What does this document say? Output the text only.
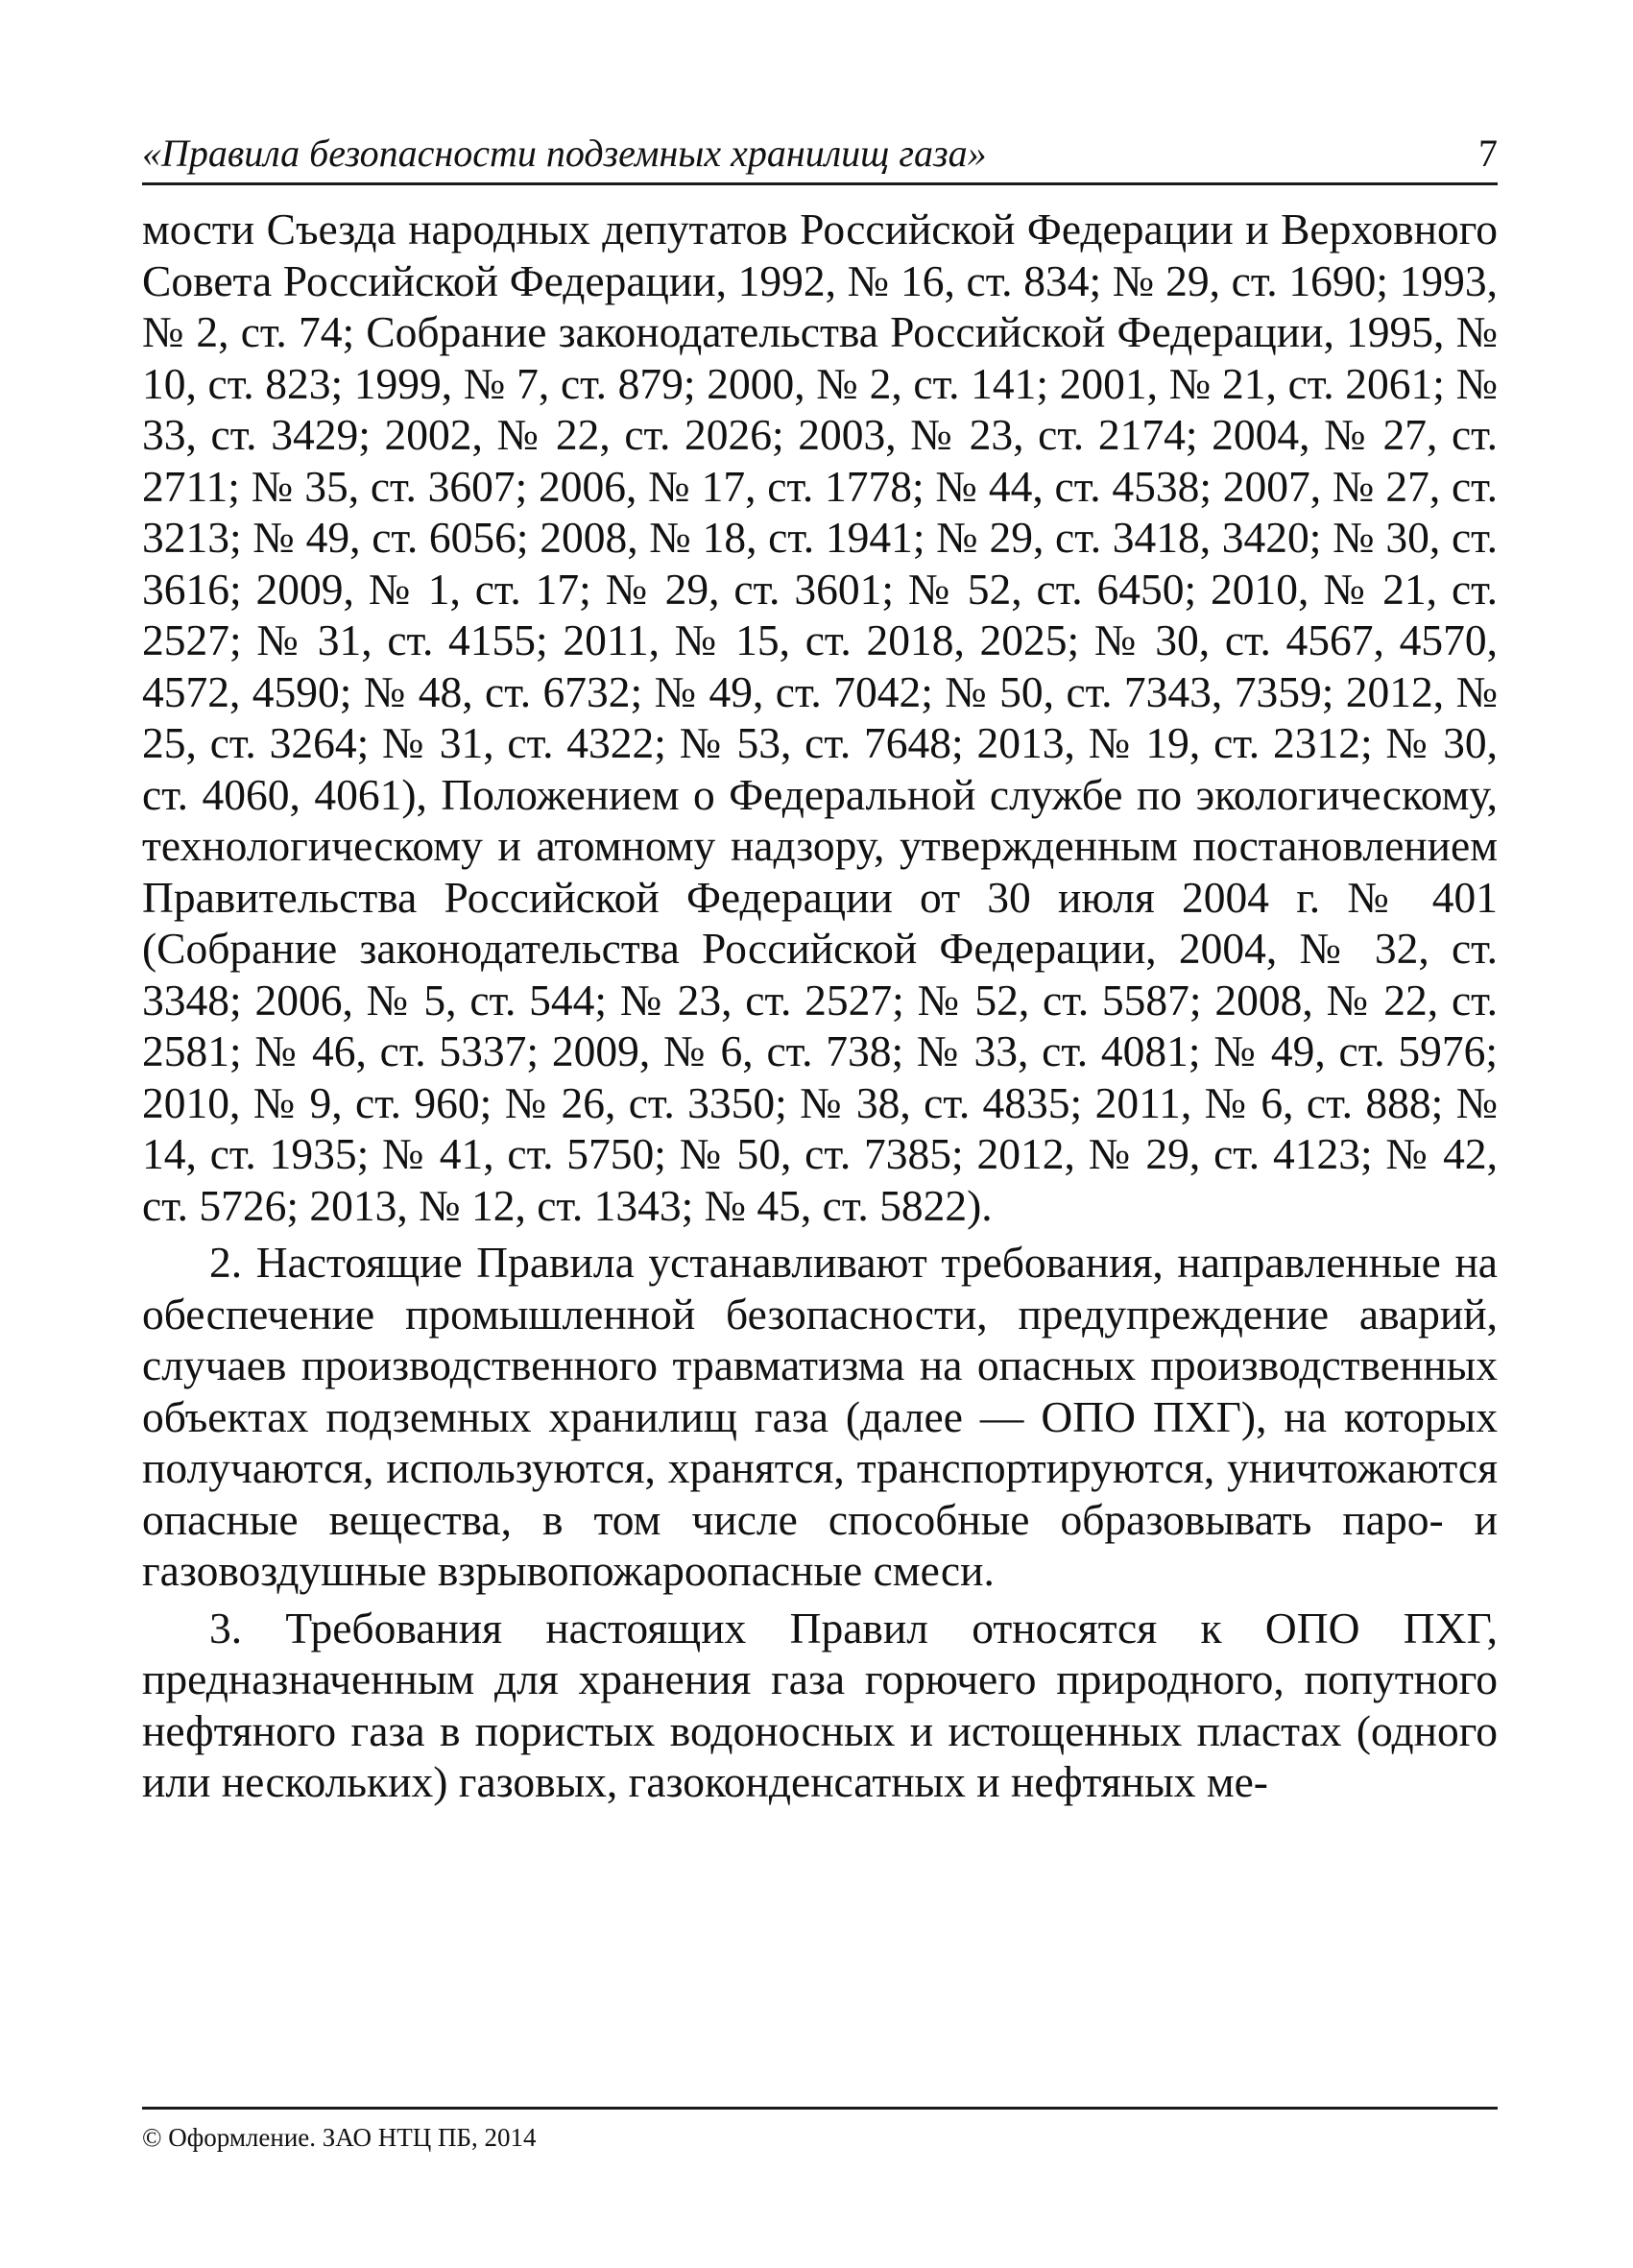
«Правила безопасности подземных хранилищ газа»	7

мости Съезда народных депутатов Российской Федерации и Верховного Совета Российской Федерации, 1992, № 16, ст. 834; № 29, ст. 1690; 1993, № 2, ст. 74; Собрание законодательства Российской Федерации, 1995, № 10, ст. 823; 1999, № 7, ст. 879; 2000, № 2, ст. 141; 2001, № 21, ст. 2061; № 33, ст. 3429; 2002, № 22, ст. 2026; 2003, № 23, ст. 2174; 2004, № 27, ст. 2711; № 35, ст. 3607; 2006, № 17, ст. 1778; № 44, ст. 4538; 2007, № 27, ст. 3213; № 49, ст. 6056; 2008, № 18, ст. 1941; № 29, ст. 3418, 3420; № 30, ст. 3616; 2009, № 1, ст. 17; № 29, ст. 3601; № 52, ст. 6450; 2010, № 21, ст. 2527; № 31, ст. 4155; 2011, № 15, ст. 2018, 2025; № 30, ст. 4567, 4570, 4572, 4590; № 48, ст. 6732; № 49, ст. 7042; № 50, ст. 7343, 7359; 2012, № 25, ст. 3264; № 31, ст. 4322; № 53, ст. 7648; 2013, № 19, ст. 2312; № 30, ст. 4060, 4061), Положением о Федеральной службе по экологическому, технологическому и атомному надзору, утвержденным постановлением Правительства Российской Федерации от 30 июля 2004 г. № 401 (Собрание законодательства Российской Федерации, 2004, № 32, ст. 3348; 2006, № 5, ст. 544; № 23, ст. 2527; № 52, ст. 5587; 2008, № 22, ст. 2581; № 46, ст. 5337; 2009, № 6, ст. 738; № 33, ст. 4081; № 49, ст. 5976; 2010, № 9, ст. 960; № 26, ст. 3350; № 38, ст. 4835; 2011, № 6, ст. 888; № 14, ст. 1935; № 41, ст. 5750; № 50, ст. 7385; 2012, № 29, ст. 4123; № 42, ст. 5726; 2013, № 12, ст. 1343; № 45, ст. 5822).

2. Настоящие Правила устанавливают требования, направленные на обеспечение промышленной безопасности, предупреждение аварий, случаев производственного травматизма на опасных производственных объектах подземных хранилищ газа (далее — ОПО ПХГ), на которых получаются, используются, хранятся, транспортируются, уничтожаются опасные вещества, в том числе способные образовывать паро- и газовоздушные взрывопожароопасные смеси.

3. Требования настоящих Правил относятся к ОПО ПХГ, предназначенным для хранения газа горючего природного, попутного нефтяного газа в пористых водоносных и истощенных пластах (одного или нескольких) газовых, газоконденсатных и нефтяных ме-

© Оформление. ЗАО НТЦ ПБ, 2014
